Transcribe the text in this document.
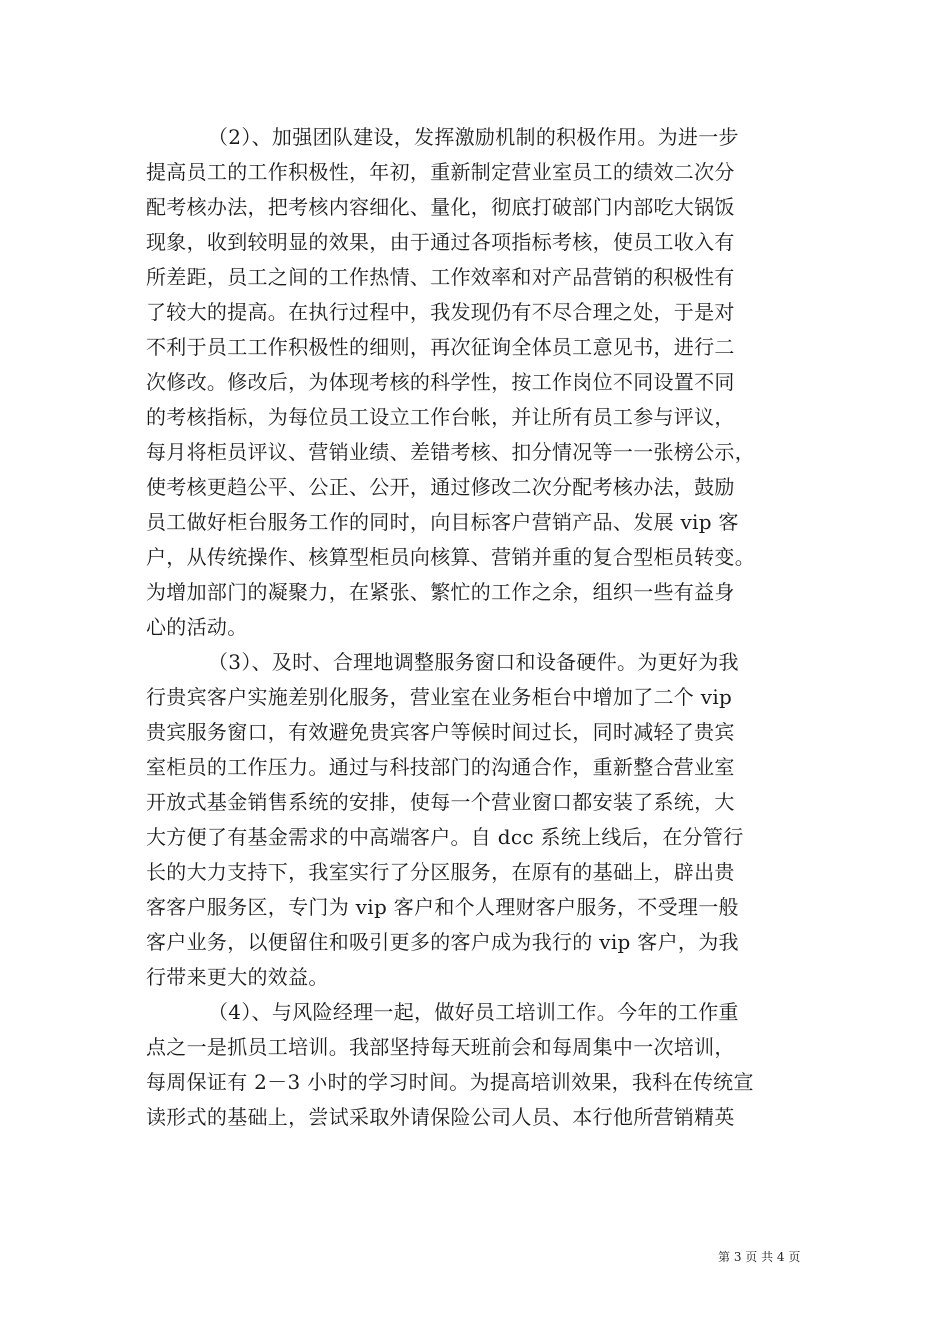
（2）、加强团队建设，发挥激励机制的积极作用。为进一步
提高员工的工作积极性，年初，重新制定营业室员工的绩效二次分
配考核办法，把考核内容细化、量化，彻底打破部门内部吃大锅饭
现象，收到较明显的效果，由于通过各项指标考核，使员工收入有
所差距，员工之间的工作热情、工作效率和对产品营销的积极性有
了较大的提高。在执行过程中，我发现仍有不尽合理之处，于是对
不利于员工工作积极性的细则，再次征询全体员工意见书，进行二
次修改。修改后，为体现考核的科学性，按工作岗位不同设置不同
的考核指标，为每位员工设立工作台帐，并让所有员工参与评议，
每月将柜员评议、营销业绩、差错考核、扣分情况等一一张榜公示，
使考核更趋公平、公正、公开，通过修改二次分配考核办法，鼓励
员工做好柜台服务工作的同时，向目标客户营销产品、发展 vip 客
户，从传统操作、核算型柜员向核算、营销并重的复合型柜员转变。
为增加部门的凝聚力，在紧张、繁忙的工作之余，组织一些有益身
心的活动。
（3）、及时、合理地调整服务窗口和设备硬件。为更好为我
行贵宾客户实施差别化服务，营业室在业务柜台中增加了二个 vip
贵宾服务窗口，有效避免贵宾客户等候时间过长，同时减轻了贵宾
室柜员的工作压力。通过与科技部门的沟通合作，重新整合营业室
开放式基金销售系统的安排，使每一个营业窗口都安装了系统，大
大方便了有基金需求的中高端客户。自 dcc 系统上线后，在分管行
长的大力支持下，我室实行了分区服务，在原有的基础上，辟出贵
客客户服务区，专门为 vip 客户和个人理财客户服务，不受理一般
客户业务，以便留住和吸引更多的客户成为我行的 vip 客户，为我
行带来更大的效益。
（4）、与风险经理一起，做好员工培训工作。今年的工作重
点之一是抓员工培训。我部坚持每天班前会和每周集中一次培训，
每周保证有 2－3 小时的学习时间。为提高培训效果，我科在传统宣
读形式的基础上，尝试采取外请保险公司人员、本行他所营销精英
第 3 页 共 4 页
